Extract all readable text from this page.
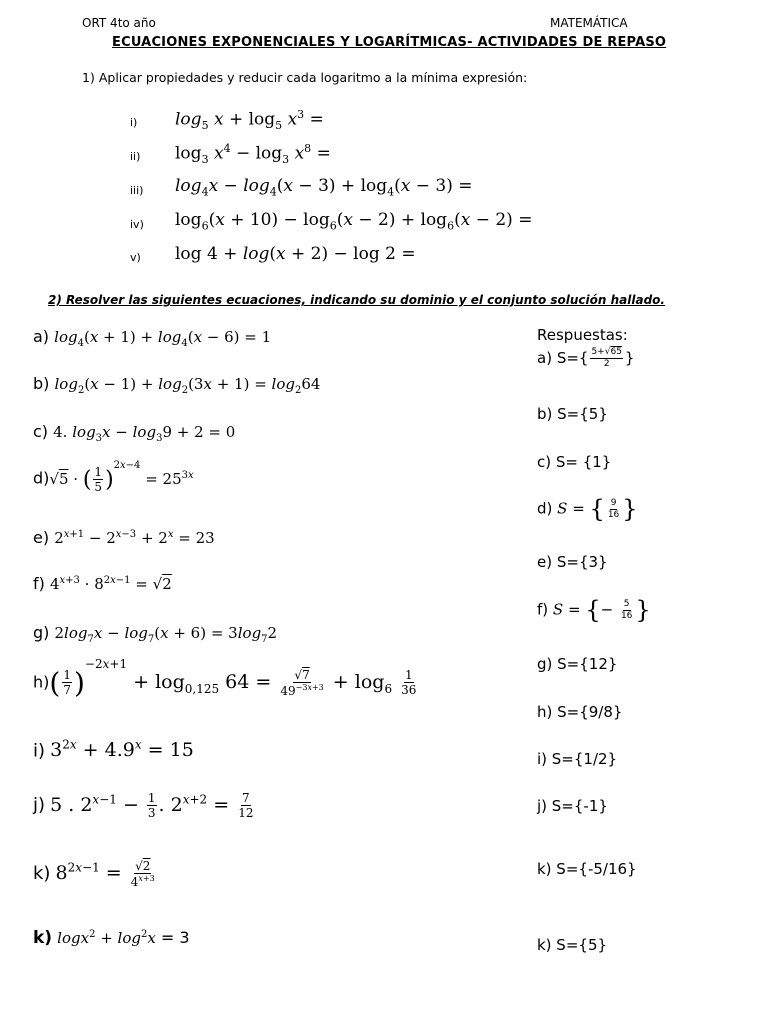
ORT 4to año	MATEMÁTICA
ECUACIONES EXPONENCIALES Y LOGARÍTMICAS- ACTIVIDADES DE REPASO
1) Aplicar propiedades y reducir cada logaritmo a la mínima expresión:
i) $\log_5 x + \log_5 x^3$ =
ii) $\log_3 x^4 - \log_3 x^8$ =
iii) $\log_4x - \log_4(x - 3) + \log_4(x - 3)$ =
iv) $\log_6(x + 10) - \log_6(x - 2) + \log_6(x - 2)$ =
v) log 4 + log(x + 2) − log 2 =
2) Resolver las siguientes ecuaciones, indicando su dominio y el conjunto solución hallado.
a) $\log_4(x + 1) + \log_4(x - 6) = 1$
b) $\log_2(x - 1) + \log_2(3x + 1) = \log_264$
c) 4. $\log_3x - \log_39 + 2 = 0$
d)√5 · ( $\frac{1}{5} )^{2x-4} = 25^{3x}$
e) $2^{x+1} - 2^{x-3} + 2^x = 23$
f) $4^{x+3} \cdot 8^{2x-1} = √2$
g) $2\log_7x - \log_7(x + 6) = 3\log_72$
$h)( \frac{1}{7} )^{-2x+1} + \log_{0,125} 64 = \frac{√7}{49^{-3x+3}} + \log_6 \frac{1}{36}$
i) $3^{2x} + 4.9^x = 15$
j) 5 . $2^{x-1} - \frac{1}{3}$ . $2^{x+2} = \frac{7}{12}$
k) $8^{2x-1} = \frac{√2}{4^{x+3}}$
k) $\log x^2 + \log^2x = 3$
Respuestas:
a) $S=\{ \frac{5+√65}{2}$ }
b) S={5}
c) S= {1}
d) S = { $\frac{9}{16}$ }
e) S={3}
f) S = {− $\frac{5}{16}$ }
g) S={12}
h) S={9/8}
i) S={1/2}
j) S={-1}
k) S={-5/16}
k) S={5}
